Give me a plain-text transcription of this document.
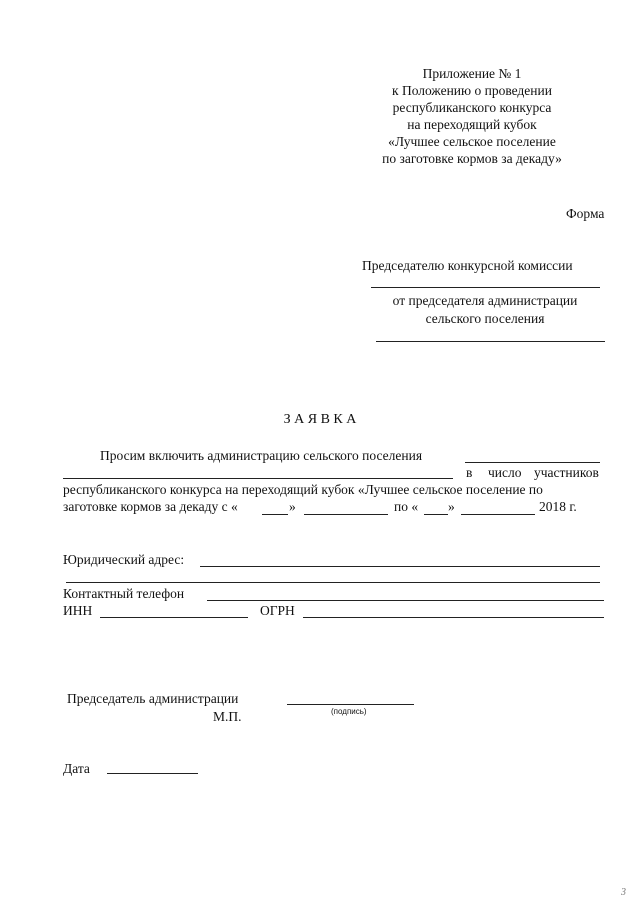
Приложение № 1
к Положению о проведении
республиканского конкурса
на переходящий кубок
«Лучшее сельское поселение
по заготовке кормов за декаду»
Форма
Председателю конкурсной комиссии
от председателя администрации
сельского поселения
З А Я В К А
Просим включить администрацию сельского поселения
в число участников
республиканского конкурса на переходящий кубок «Лучшее сельское поселение по
заготовке кормов за декаду с «	»	по « »	2018 г.
Юридический адрес:
Контактный телефон
ИНН	ОГРН
Председатель администрации
(подпись)
М.П.
Дата
3
